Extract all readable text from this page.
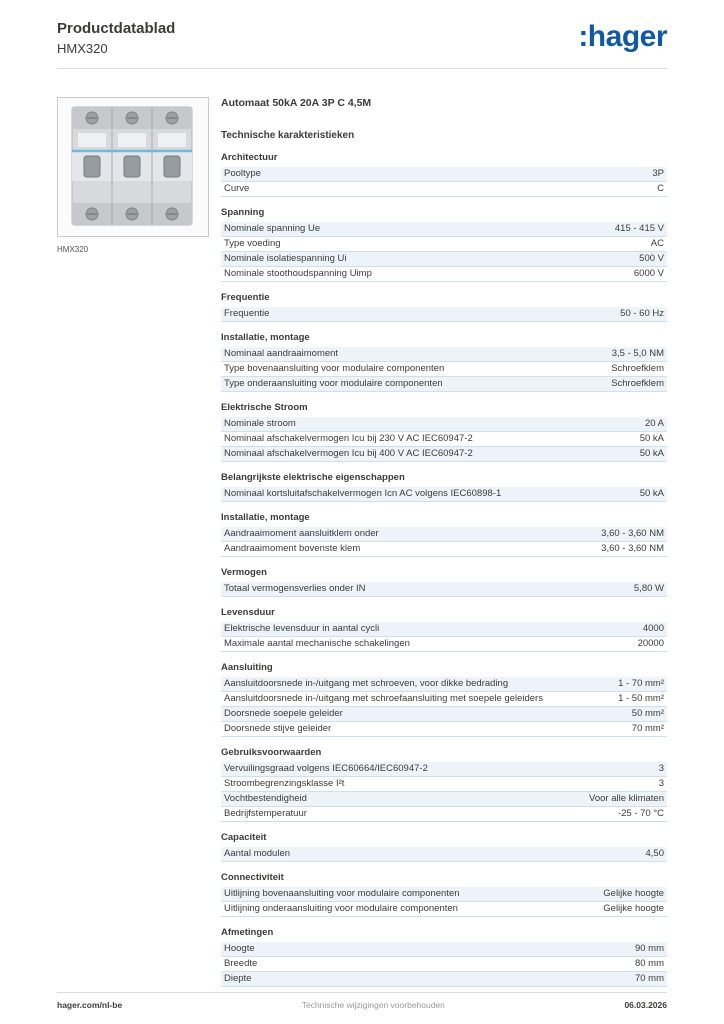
Productdatablad
HMX320	:hager
HMX320
Automaat 50kA 20A 3P C 4,5M
Technische karakteristieken
Architectuur
Pooltype	3P
Curve	C
Spanning
Nominale spanning Ue	415 - 415 V
Type voeding	AC
Nominale isolatiespanning Ui	500 V
Nominale stoothoudspanning Uimp	6000 V
Frequentie
Frequentie	50 - 60 Hz
Installatie, montage
Nominaal aandraaimoment	3,5 - 5,0 NM
Type bovenaansluiting voor modulaire componenten	Schroefklem
Type onderaansluiting voor modulaire componenten	Schroefklem
Elektrische Stroom
Nominale stroom	20 A
Nominaal afschakelvermogen Icu bij 230 V AC IEC60947-2	50 kA
Nominaal afschakelvermogen Icu bij 400 V AC IEC60947-2	50 kA
Belangrijkste elektrische eigenschappen
Nominaal kortsluitafschakelvermogen Icn AC volgens IEC60898-1	50 kA
Installatie, montage
Aandraaimoment aansluitklem onder	3,60 - 3,60 NM
Aandraaimoment bovenste klem	3,60 - 3,60 NM
Vermogen
Totaal vermogensverlies onder IN	5,80 W
Levensduur
Elektrische levensduur in aantal cycli	4000
Maximale aantal mechanische schakelingen	20000
Aansluiting
Aansluitdoorsnede in-/uitgang met schroeven, voor dikke bedrading	1 - 70 mm²
Aansluitdoorsnede in-/uitgang met schroefaansluiting met soepele geleiders	1 - 50 mm²
Doorsnede soepele geleider	50 mm²
Doorsnede stijve geleider	70 mm²
Gebruiksvoorwaarden
Vervuilingsgraad volgens IEC60664/IEC60947-2	3
Stroombegrenzingsklasse I²t	3
Vochtbestendigheid	Voor alle klimaten
Bedrijfstemperatuur	-25 - 70 °C
Capaciteit
Aantal modulen	4,50
Connectiviteit
Uitlijning bovenaansluiting voor modulaire componenten	Gelijke hoogte
Uitlijning onderaansluiting voor modulaire componenten	Gelijke hoogte
Afmetingen
Hoogte	90 mm
Breedte	80 mm
Diepte	70 mm
hager.com/nl-be	Technische wijzigingen voorbehouden	06.03.2026
